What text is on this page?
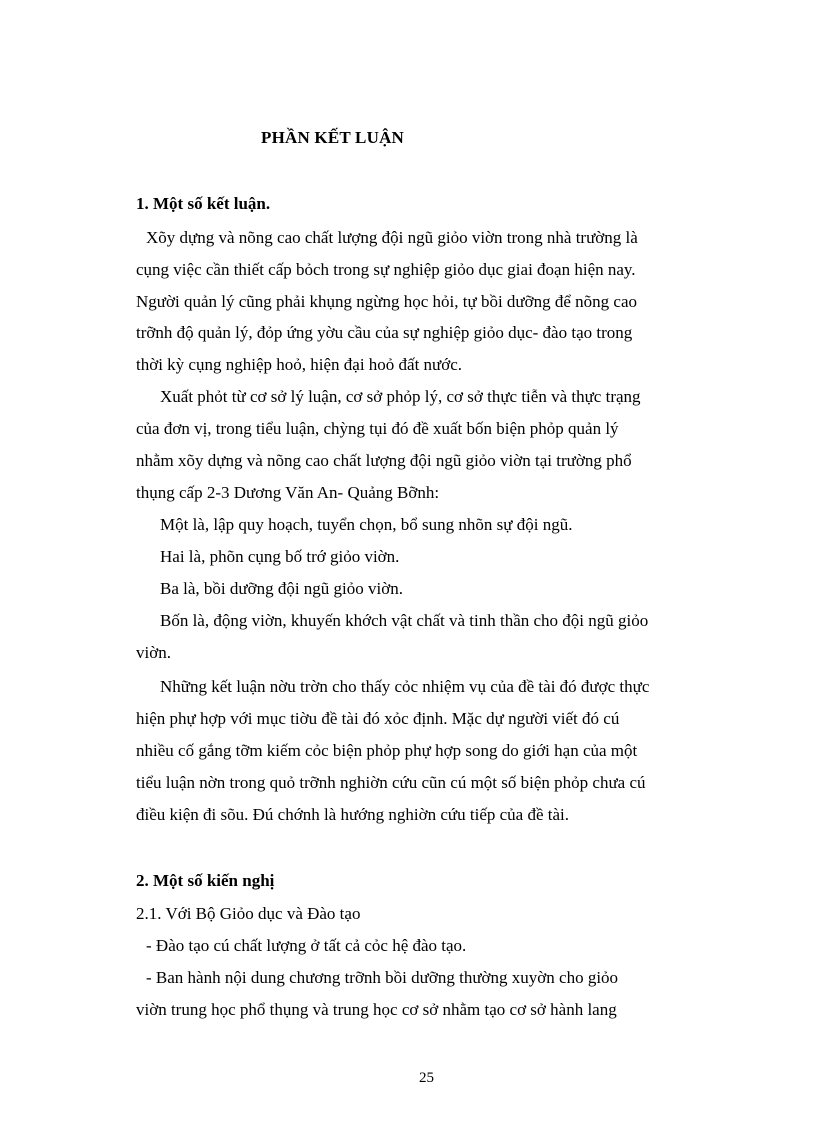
PHẦN KẾT LUẬN
1. Một số kết luận.
Xõy dựng và nõng cao chất lượng đội ngũ giỏo viờn trong nhà trường là
cụng việc cần thiết cấp bỏch trong sự nghiệp giỏo dục giai đoạn hiện nay.
Người quản lý cũng phải khụng ngừng học hỏi, tự bồi dưỡng để nõng cao
trỡnh độ quản lý, đỏp ứng yờu cầu của sự nghiệp giỏo dục- đào tạo trong
thời kỳ cụng nghiệp hoỏ, hiện đại hoỏ đất nước.
Xuất phỏt từ cơ sở lý luận, cơ sở phỏp lý, cơ sở thực tiễn và thực trạng
của đơn vị, trong tiểu luận, chỳng tụi đó đề xuất bốn biện phỏp quản lý
nhằm xõy dựng và nõng cao chất lượng đội ngũ giỏo viờn tại trường phổ
thụng cấp 2-3 Dương Văn An- Quảng Bỡnh:
Một là, lập quy hoạch, tuyển chọn, bổ sung nhõn sự đội ngũ.
Hai là, phõn cụng bố trớ giỏo viờn.
Ba là, bồi dưỡng đội ngũ giỏo viờn.
Bốn là, động viờn, khuyến khớch vật chất và tinh thần cho đội ngũ giỏo
viờn.
Những kết luận nờu trờn cho thấy cỏc nhiệm vụ của đề tài đó được thực
hiện phự hợp với mục tiờu đề tài đó xỏc định. Mặc dự người viết đó cú
nhiều cố gắng tỡm kiếm cỏc biện phỏp phự hợp song do giới hạn của một
tiểu luận nờn trong quỏ trỡnh nghiờn cứu cũn cú một số biện phỏp chưa cú
điều kiện đi sõu. Đú chớnh là hướng nghiờn cứu tiếp của đề tài.
2. Một số kiến nghị
2.1. Với Bộ Giỏo dục và Đào tạo
- Đào tạo cú chất lượng ở tất cả cỏc hệ đào tạo.
- Ban hành nội dung chương trỡnh bồi dưỡng thường xuyờn cho giỏo
viờn trung học phổ thụng và trung học cơ sở nhằm tạo cơ sở hành lang
25
